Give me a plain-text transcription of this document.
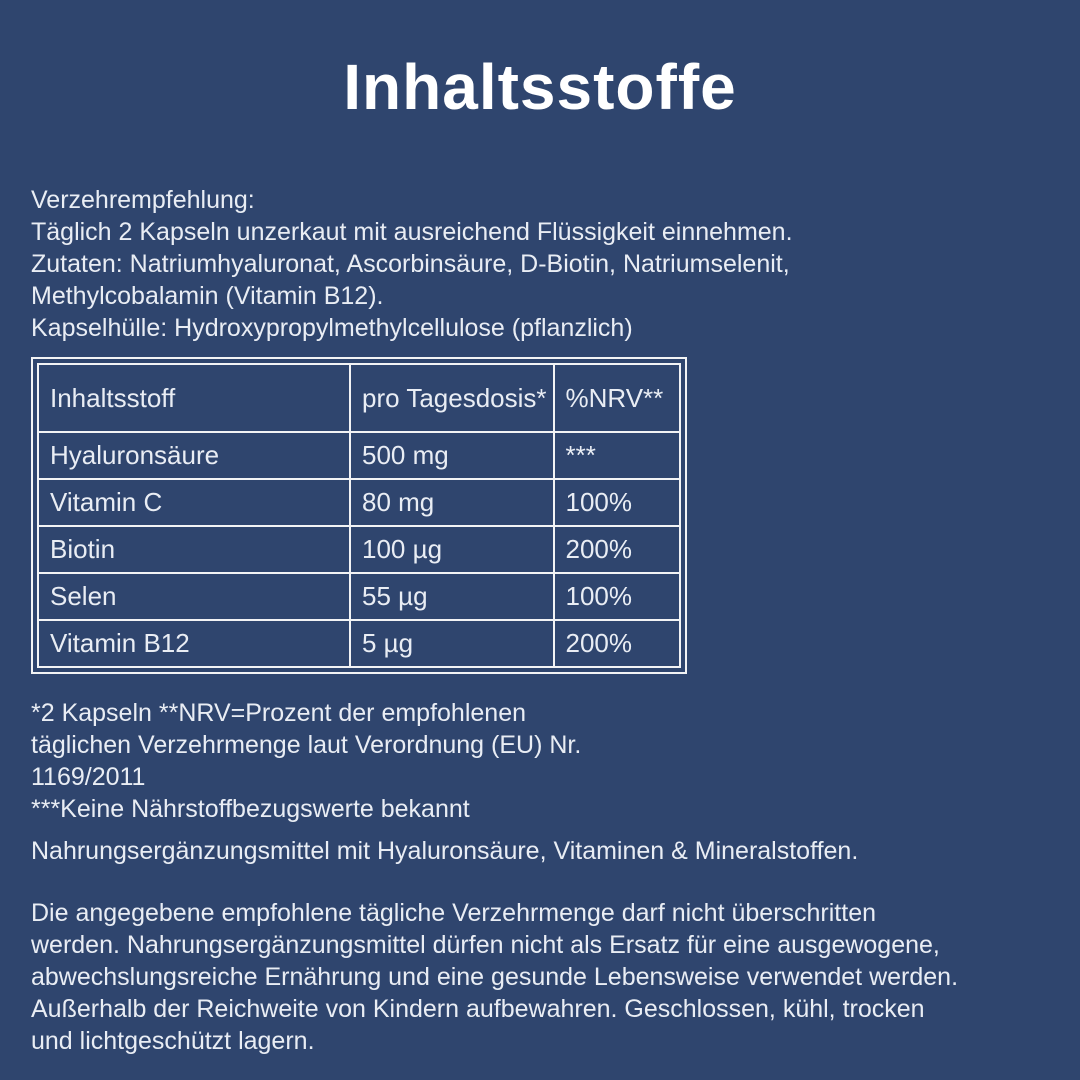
Inhaltsstoffe
Verzehrempfehlung:
Täglich 2 Kapseln unzerkaut mit ausreichend Flüssigkeit einnehmen.
Zutaten: Natriumhyaluronat, Ascorbinsäure, D-Biotin, Natriumselenit,
Methylcobalamin (Vitamin B12).
Kapselhülle: Hydroxypropylmethylcellulose (pflanzlich)
Inhaltsstoff	pro Tagesdosis*	%NRV**
Hyaluronsäure	500 mg	***
Vitamin C	80 mg	100%
Biotin	100 µg	200%
Selen	55 µg	100%
Vitamin B12	5 µg	200%
*2 Kapseln **NRV=Prozent der empfohlenen
täglichen Verzehrmenge laut Verordnung (EU) Nr.
1169/2011
***Keine Nährstoffbezugswerte bekannt
Nahrungsergänzungsmittel mit Hyaluronsäure, Vitaminen & Mineralstoffen.
Die angegebene empfohlene tägliche Verzehrmenge darf nicht überschritten
werden. Nahrungsergänzungsmittel dürfen nicht als Ersatz für eine ausgewogene,
abwechslungsreiche Ernährung und eine gesunde Lebensweise verwendet werden.
Außerhalb der Reichweite von Kindern aufbewahren. Geschlossen, kühl, trocken
und lichtgeschützt lagern.
